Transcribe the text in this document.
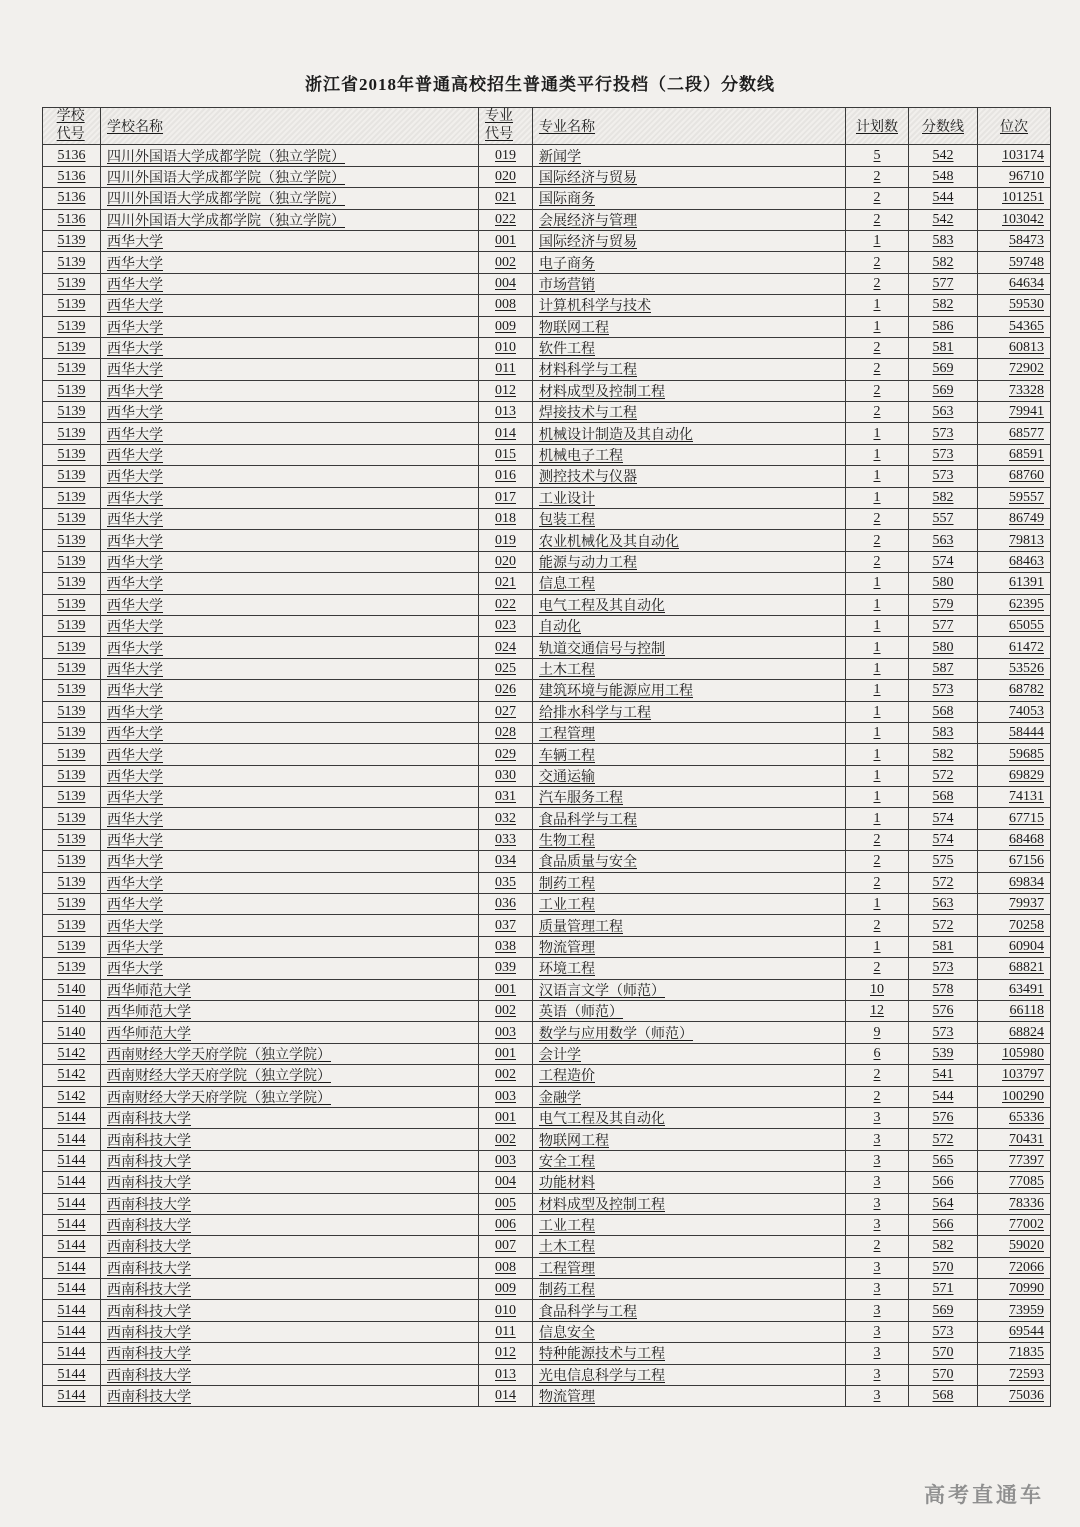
浙江省2018年普通高校招生普通类平行投档（二段）分数线
学校代号	学校名称	专业代号	专业名称	计划数	分数线	位次
5136	四川外国语大学成都学院（独立学院）	019	新闻学	5	542	103174
5136	四川外国语大学成都学院（独立学院）	020	国际经济与贸易	2	548	96710
5136	四川外国语大学成都学院（独立学院）	021	国际商务	2	544	101251
5136	四川外国语大学成都学院（独立学院）	022	会展经济与管理	2	542	103042
5139	西华大学	001	国际经济与贸易	1	583	58473
5139	西华大学	002	电子商务	2	582	59748
5139	西华大学	004	市场营销	2	577	64634
5139	西华大学	008	计算机科学与技术	1	582	59530
5139	西华大学	009	物联网工程	1	586	54365
5139	西华大学	010	软件工程	2	581	60813
5139	西华大学	011	材料科学与工程	2	569	72902
5139	西华大学	012	材料成型及控制工程	2	569	73328
5139	西华大学	013	焊接技术与工程	2	563	79941
5139	西华大学	014	机械设计制造及其自动化	1	573	68577
5139	西华大学	015	机械电子工程	1	573	68591
5139	西华大学	016	测控技术与仪器	1	573	68760
5139	西华大学	017	工业设计	1	582	59557
5139	西华大学	018	包装工程	2	557	86749
5139	西华大学	019	农业机械化及其自动化	2	563	79813
5139	西华大学	020	能源与动力工程	2	574	68463
5139	西华大学	021	信息工程	1	580	61391
5139	西华大学	022	电气工程及其自动化	1	579	62395
5139	西华大学	023	自动化	1	577	65055
5139	西华大学	024	轨道交通信号与控制	1	580	61472
5139	西华大学	025	土木工程	1	587	53526
5139	西华大学	026	建筑环境与能源应用工程	1	573	68782
5139	西华大学	027	给排水科学与工程	1	568	74053
5139	西华大学	028	工程管理	1	583	58444
5139	西华大学	029	车辆工程	1	582	59685
5139	西华大学	030	交通运输	1	572	69829
5139	西华大学	031	汽车服务工程	1	568	74131
5139	西华大学	032	食品科学与工程	1	574	67715
5139	西华大学	033	生物工程	2	574	68468
5139	西华大学	034	食品质量与安全	2	575	67156
5139	西华大学	035	制药工程	2	572	69834
5139	西华大学	036	工业工程	1	563	79937
5139	西华大学	037	质量管理工程	2	572	70258
5139	西华大学	038	物流管理	1	581	60904
5139	西华大学	039	环境工程	2	573	68821
5140	西华师范大学	001	汉语言文学（师范）	10	578	63491
5140	西华师范大学	002	英语（师范）	12	576	66118
5140	西华师范大学	003	数学与应用数学（师范）	9	573	68824
5142	西南财经大学天府学院（独立学院）	001	会计学	6	539	105980
5142	西南财经大学天府学院（独立学院）	002	工程造价	2	541	103797
5142	西南财经大学天府学院（独立学院）	003	金融学	2	544	100290
5144	西南科技大学	001	电气工程及其自动化	3	576	65336
5144	西南科技大学	002	物联网工程	3	572	70431
5144	西南科技大学	003	安全工程	3	565	77397
5144	西南科技大学	004	功能材料	3	566	77085
5144	西南科技大学	005	材料成型及控制工程	3	564	78336
5144	西南科技大学	006	工业工程	3	566	77002
5144	西南科技大学	007	土木工程	2	582	59020
5144	西南科技大学	008	工程管理	3	570	72066
5144	西南科技大学	009	制药工程	3	571	70990
5144	西南科技大学	010	食品科学与工程	3	569	73959
5144	西南科技大学	011	信息安全	3	573	69544
5144	西南科技大学	012	特种能源技术与工程	3	570	71835
5144	西南科技大学	013	光电信息科学与工程	3	570	72593
5144	西南科技大学	014	物流管理	3	568	75036
高考直通车
